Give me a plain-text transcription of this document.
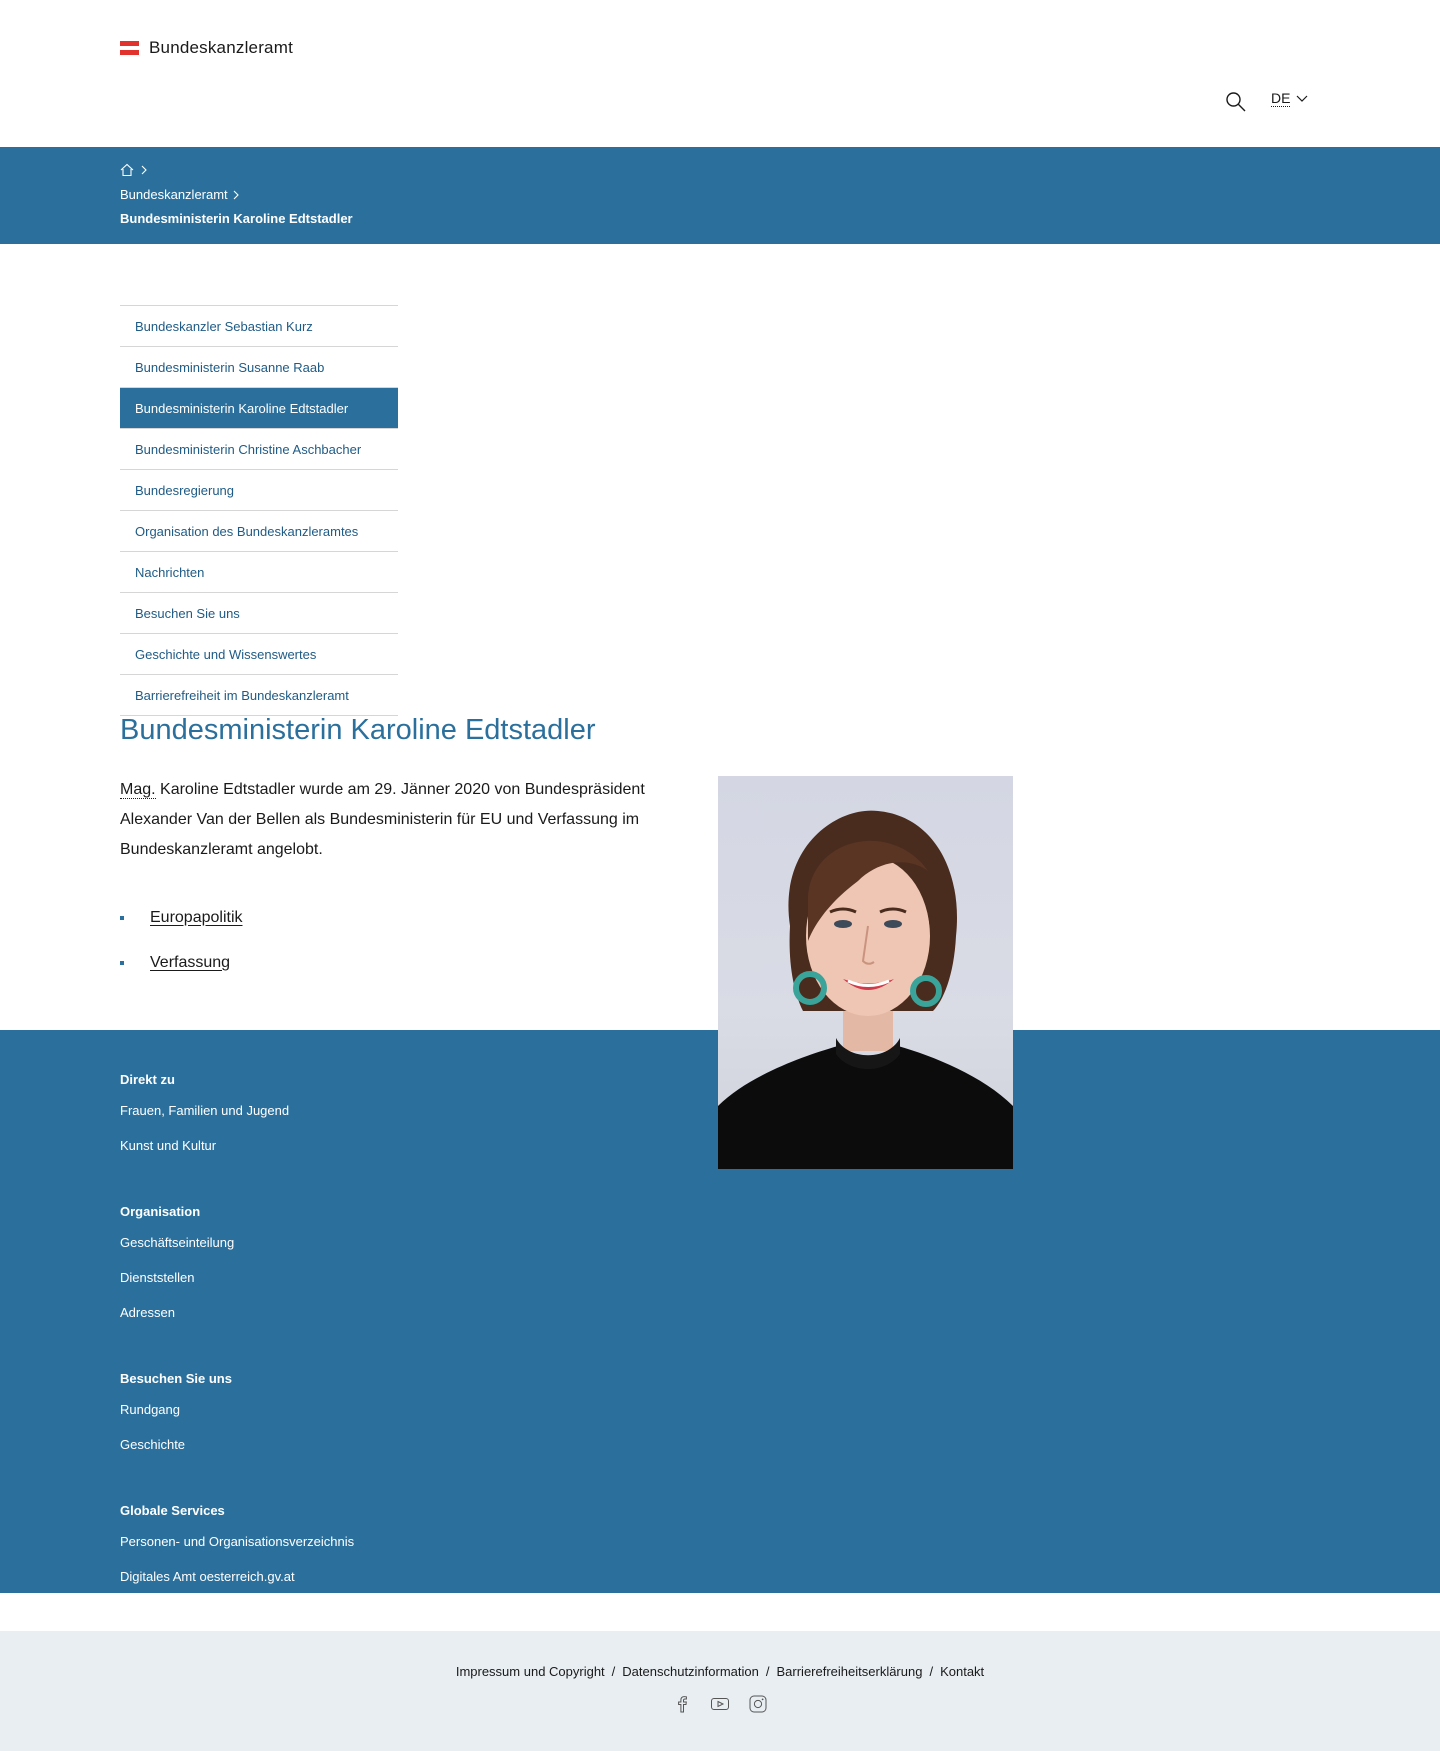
Bundeskanzleramt
DE
Bundeskanzleramt
Bundesministerin Karoline Edtstadler
Bundeskanzler Sebastian Kurz
Bundesministerin Susanne Raab
Bundesministerin Karoline Edtstadler
Bundesministerin Christine Aschbacher
Bundesregierung
Organisation des Bundeskanzleramtes
Nachrichten
Besuchen Sie uns
Geschichte und Wissenswertes
Barrierefreiheit im Bundeskanzleramt
Bundesministerin Karoline Edtstadler

Mag. Karoline Edtstadler wurde am 29. Jänner 2020 von Bundespräsident Alexander Van der Bellen als Bundesministerin für EU und Verfassung im Bundeskanzleramt angelobt.

Europapolitik
Verfassung
Direkt zu
Frauen, Familien und Jugend
Kunst und Kultur
Organisation
Geschäftseinteilung
Dienststellen
Adressen
Besuchen Sie uns
Rundgang
Geschichte
Globale Services
Personen- und Organisationsverzeichnis
Digitales Amt oesterreich.gv.at
Impressum und Copyright / Datenschutzinformation / Barrierefreiheitserklärung / Kontakt
